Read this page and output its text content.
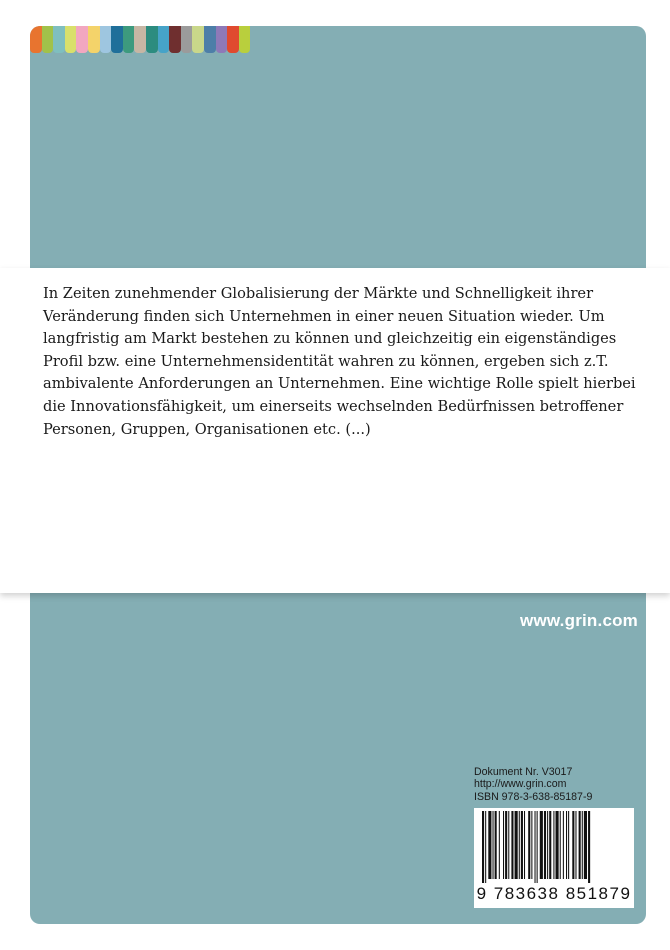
www.grin.com
Dokument Nr. V3017
http://www.grin.com
ISBN 978-3-638-85187-9
9 783638 851879

In Zeiten zunehmender Globalisierung der Märkte und Schnelligkeit ihrer
Veränderung finden sich Unternehmen in einer neuen Situation wieder. Um
langfristig am Markt bestehen zu können und gleichzeitig ein eigenständiges
Profil bzw. eine Unternehmensidentität wahren zu können, ergeben sich z.T.
ambivalente Anforderungen an Unternehmen. Eine wichtige Rolle spielt hierbei
die Innovationsfähigkeit, um einerseits wechselnden Bedürfnissen betroffener
Personen, Gruppen, Organisationen etc. (...)
